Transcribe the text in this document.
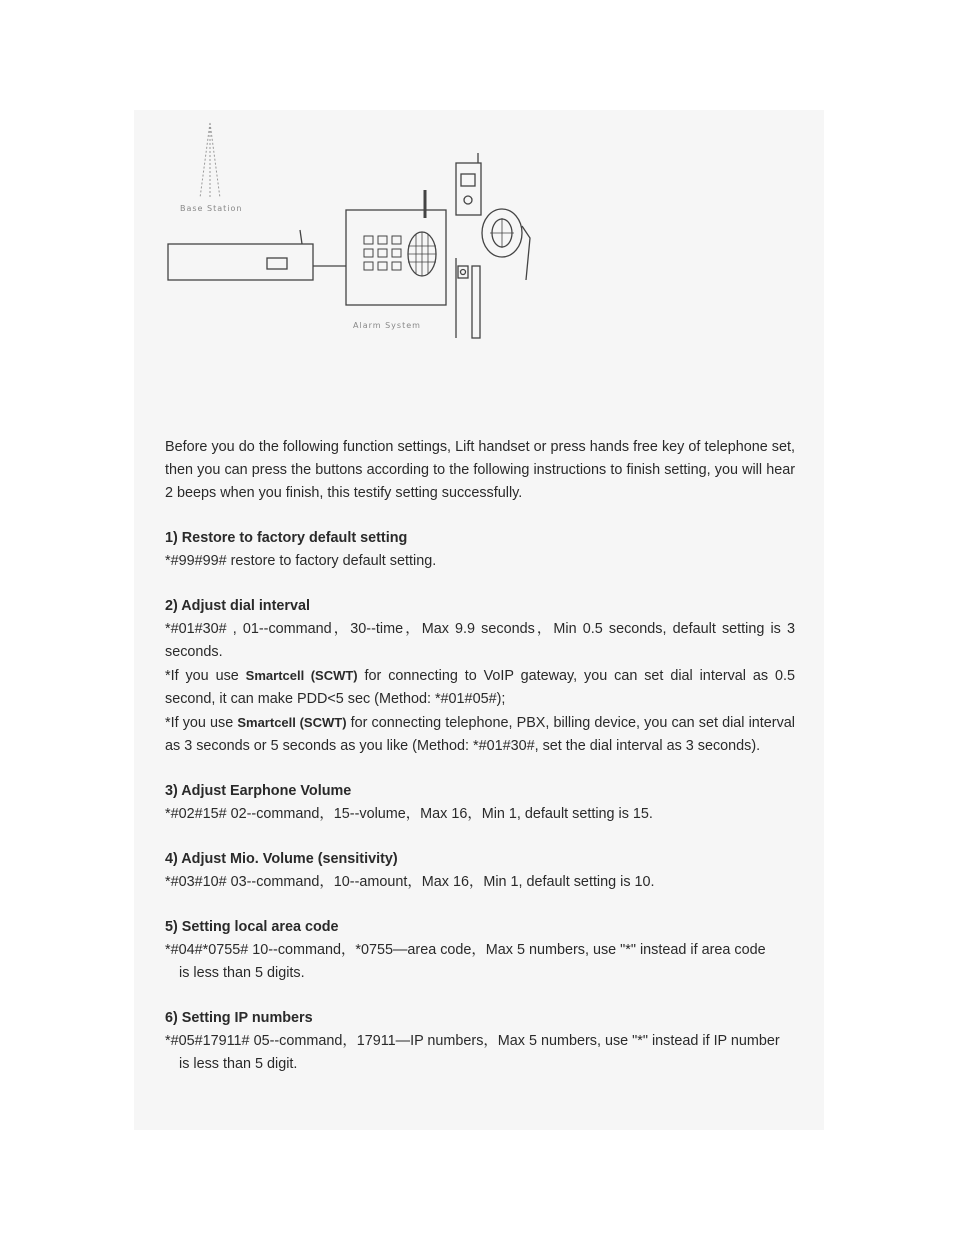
Base Station
Alarm System

Before you do the following function settings, Lift handset or press hands free key of telephone set, then you can press the buttons according to the following instructions to finish setting, you will hear 2 beeps when you finish, this testify setting successfully.

1) Restore to factory default setting

*#99#99# restore to factory default setting.

2) Adjust dial interval

*#01#30# , 01--command，30--time，Max 9.9 seconds，Min 0.5 seconds, default setting is 3 seconds.

*If you use Smartcell (SCWT) for connecting to VoIP gateway, you can set dial interval as 0.5 second, it can make PDD<5 sec (Method: *#01#05#);

*If you use Smartcell (SCWT) for connecting telephone, PBX, billing device, you can set dial interval as 3 seconds or 5 seconds as you like (Method: *#01#30#, set the dial interval as 3 seconds).

3) Adjust Earphone Volume

*#02#15# 02--command，15--volume，Max 16，Min 1, default setting is 15.

4) Adjust Mio. Volume (sensitivity)

*#03#10# 03--command，10--amount，Max 16，Min 1, default setting is 10.

5) Setting local area code

*#04#*0755# 10--command，*0755—area code，Max 5 numbers, use "*" instead if area code

is less than 5 digits.

6) Setting IP numbers

*#05#17911# 05--command，17911—IP numbers，Max 5 numbers, use "*" instead if IP number

is less than 5 digit.
